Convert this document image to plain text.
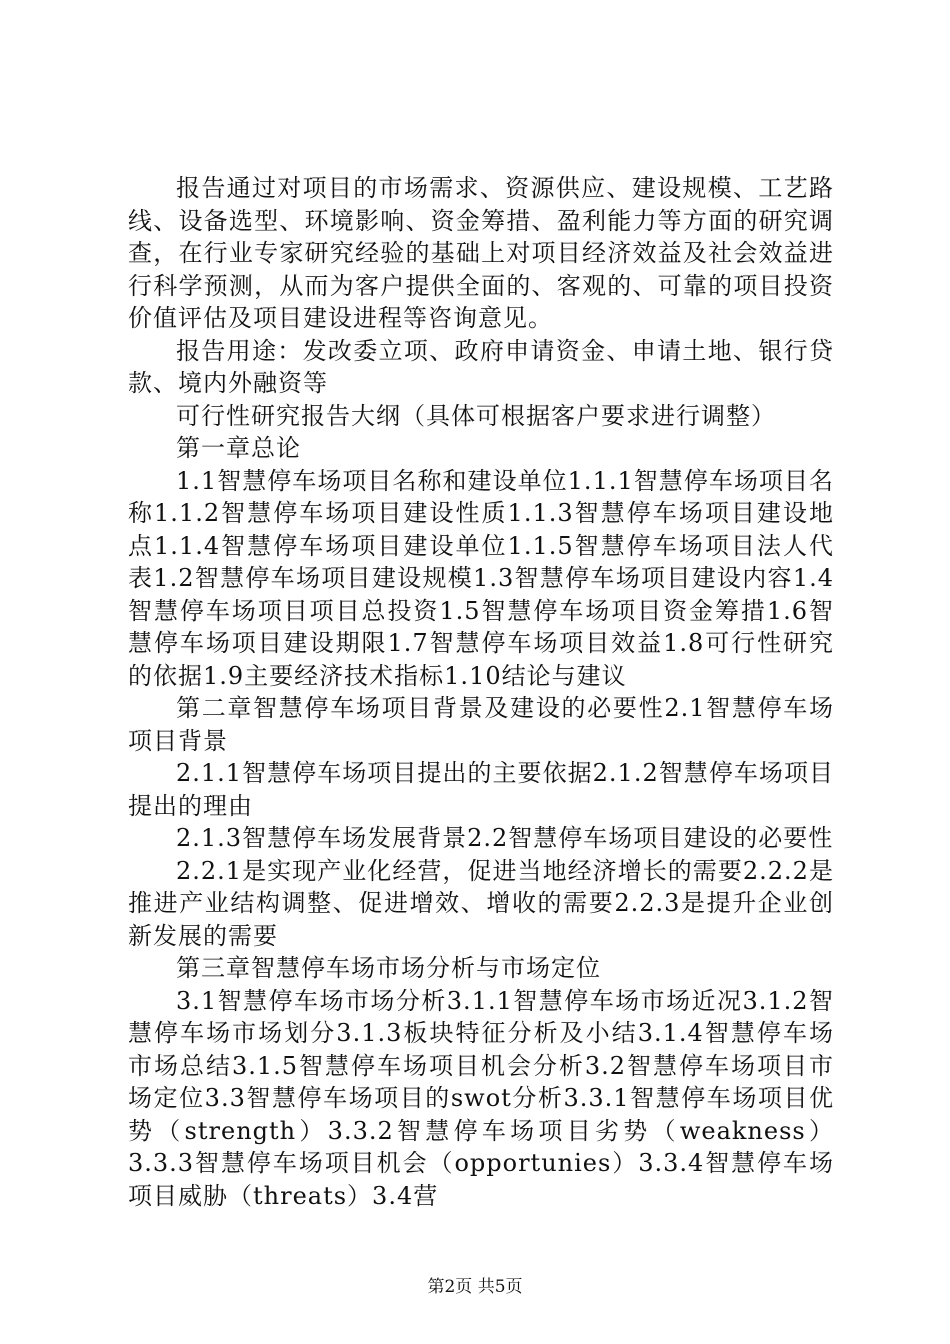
报告通过对项目的市场需求、资源供应、建设规模、工艺路线、设备选型、环境影响、资金筹措、盈利能力等方面的研究调查，在行业专家研究经验的基础上对项目经济效益及社会效益进行科学预测，从而为客户提供全面的、客观的、可靠的项目投资价值评估及项目建设进程等咨询意见。

报告用途：发改委立项、政府申请资金、申请土地、银行贷款、境内外融资等

可行性研究报告大纲（具体可根据客户要求进行调整）

第一章总论

1.1智慧停车场项目名称和建设单位1.1.1智慧停车场项目名称1.1.2智慧停车场项目建设性质1.1.3智慧停车场项目建设地点1.1.4智慧停车场项目建设单位1.1.5智慧停车场项目法人代表1.2智慧停车场项目建设规模1.3智慧停车场项目建设内容1.4智慧停车场项目项目总投资1.5智慧停车场项目资金筹措1.6智慧停车场项目建设期限1.7智慧停车场项目效益1.8可行性研究的依据1.9主要经济技术指标1.10结论与建议

第二章智慧停车场项目背景及建设的必要性2.1智慧停车场项目背景

2.1.1智慧停车场项目提出的主要依据2.1.2智慧停车场项目提出的理由

2.1.3智慧停车场发展背景2.2智慧停车场项目建设的必要性

2.2.1是实现产业化经营，促进当地经济增长的需要2.2.2是推进产业结构调整、促进增效、增收的需要2.2.3是提升企业创新发展的需要

第三章智慧停车场市场分析与市场定位

3.1智慧停车场市场分析3.1.1智慧停车场市场近况3.1.2智慧停车场市场划分3.1.3板块特征分析及小结3.1.4智慧停车场市场总结3.1.5智慧停车场项目机会分析3.2智慧停车场项目市场定位3.3智慧停车场项目的swot分析3.3.1智慧停车场项目优势（strength）3.3.2智慧停车场项目劣势（weakness）3.3.3智慧停车场项目机会（opportunies）3.3.4智慧停车场项目威胁（threats）3.4营

第2页 共5页
